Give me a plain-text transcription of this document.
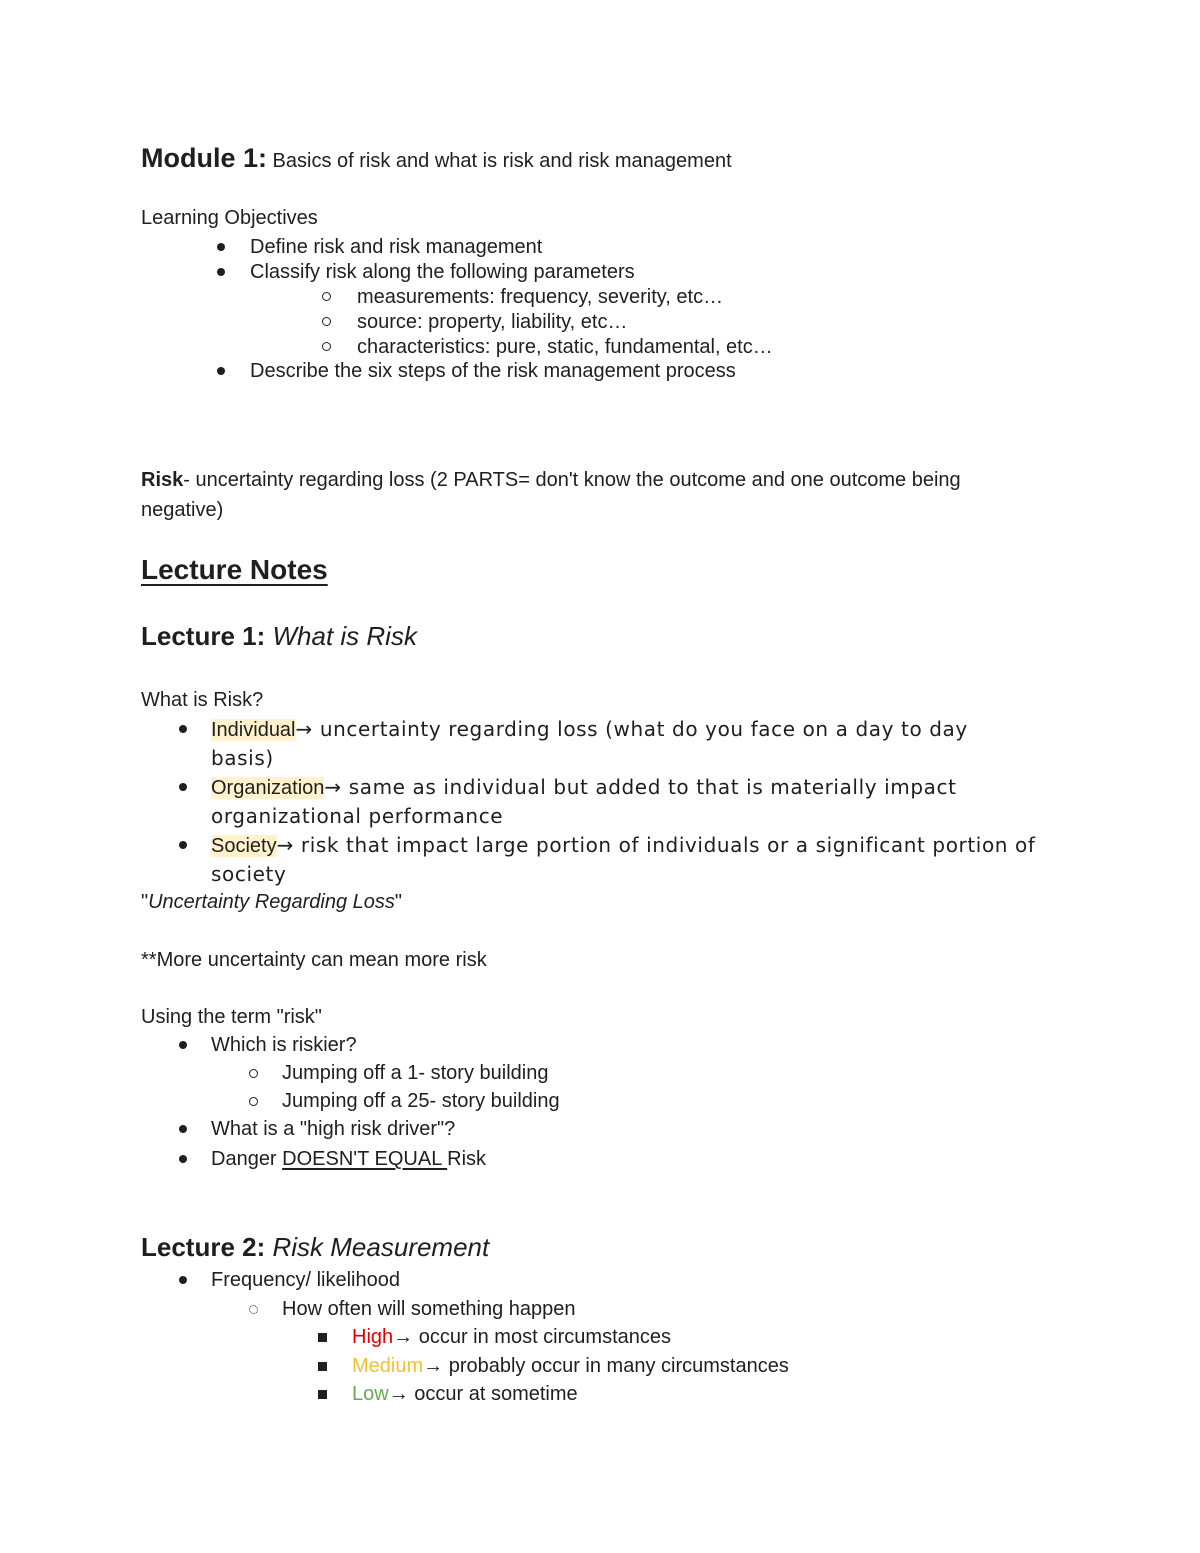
Module 1: Basics of risk and what is risk and risk management
Learning Objectives
Define risk and risk management
Classify risk along the following parameters
measurements: frequency, severity, etc…
source: property, liability, etc…
characteristics: pure, static, fundamental, etc…
Describe the six steps of the risk management process
Risk- uncertainty regarding loss (2 PARTS= don't know the outcome and one outcome being
negative)
Lecture Notes
Lecture 1: What is Risk
What is Risk?
Individual→ uncertainty regarding loss (what do you face on a day to day
basis)
Organization→ same as individual but added to that is materially impact
organizational performance
Society→ risk that impact large portion of individuals or a significant portion of
society
"Uncertainty Regarding Loss"
**More uncertainty can mean more risk
Using the term "risk"
Which is riskier?
Jumping off a 1- story building
Jumping off a 25- story building
What is a "high risk driver"?
Danger DOESN'T EQUAL Risk
Lecture 2: Risk Measurement
Frequency/ likelihood
How often will something happen
High→ occur in most circumstances
Medium→ probably occur in many circumstances
Low→ occur at sometime
